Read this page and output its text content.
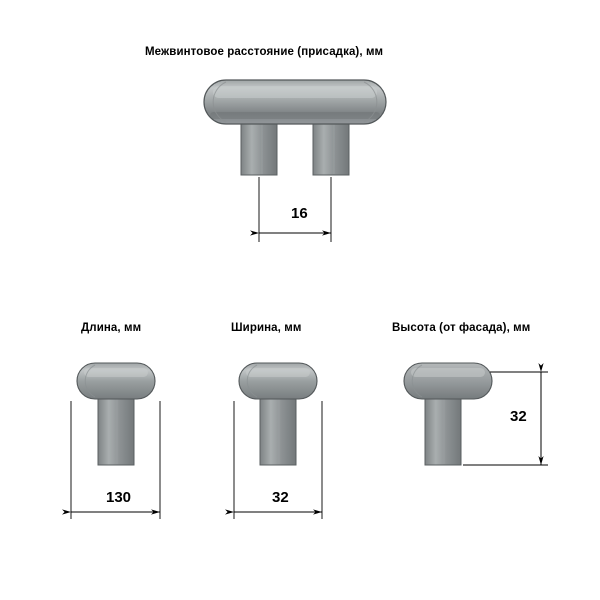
Межвинтовое расстояние (присадка), мм
Длина, мм	Ширина, мм	Высота (от фасада), мм
16
130	32
32
